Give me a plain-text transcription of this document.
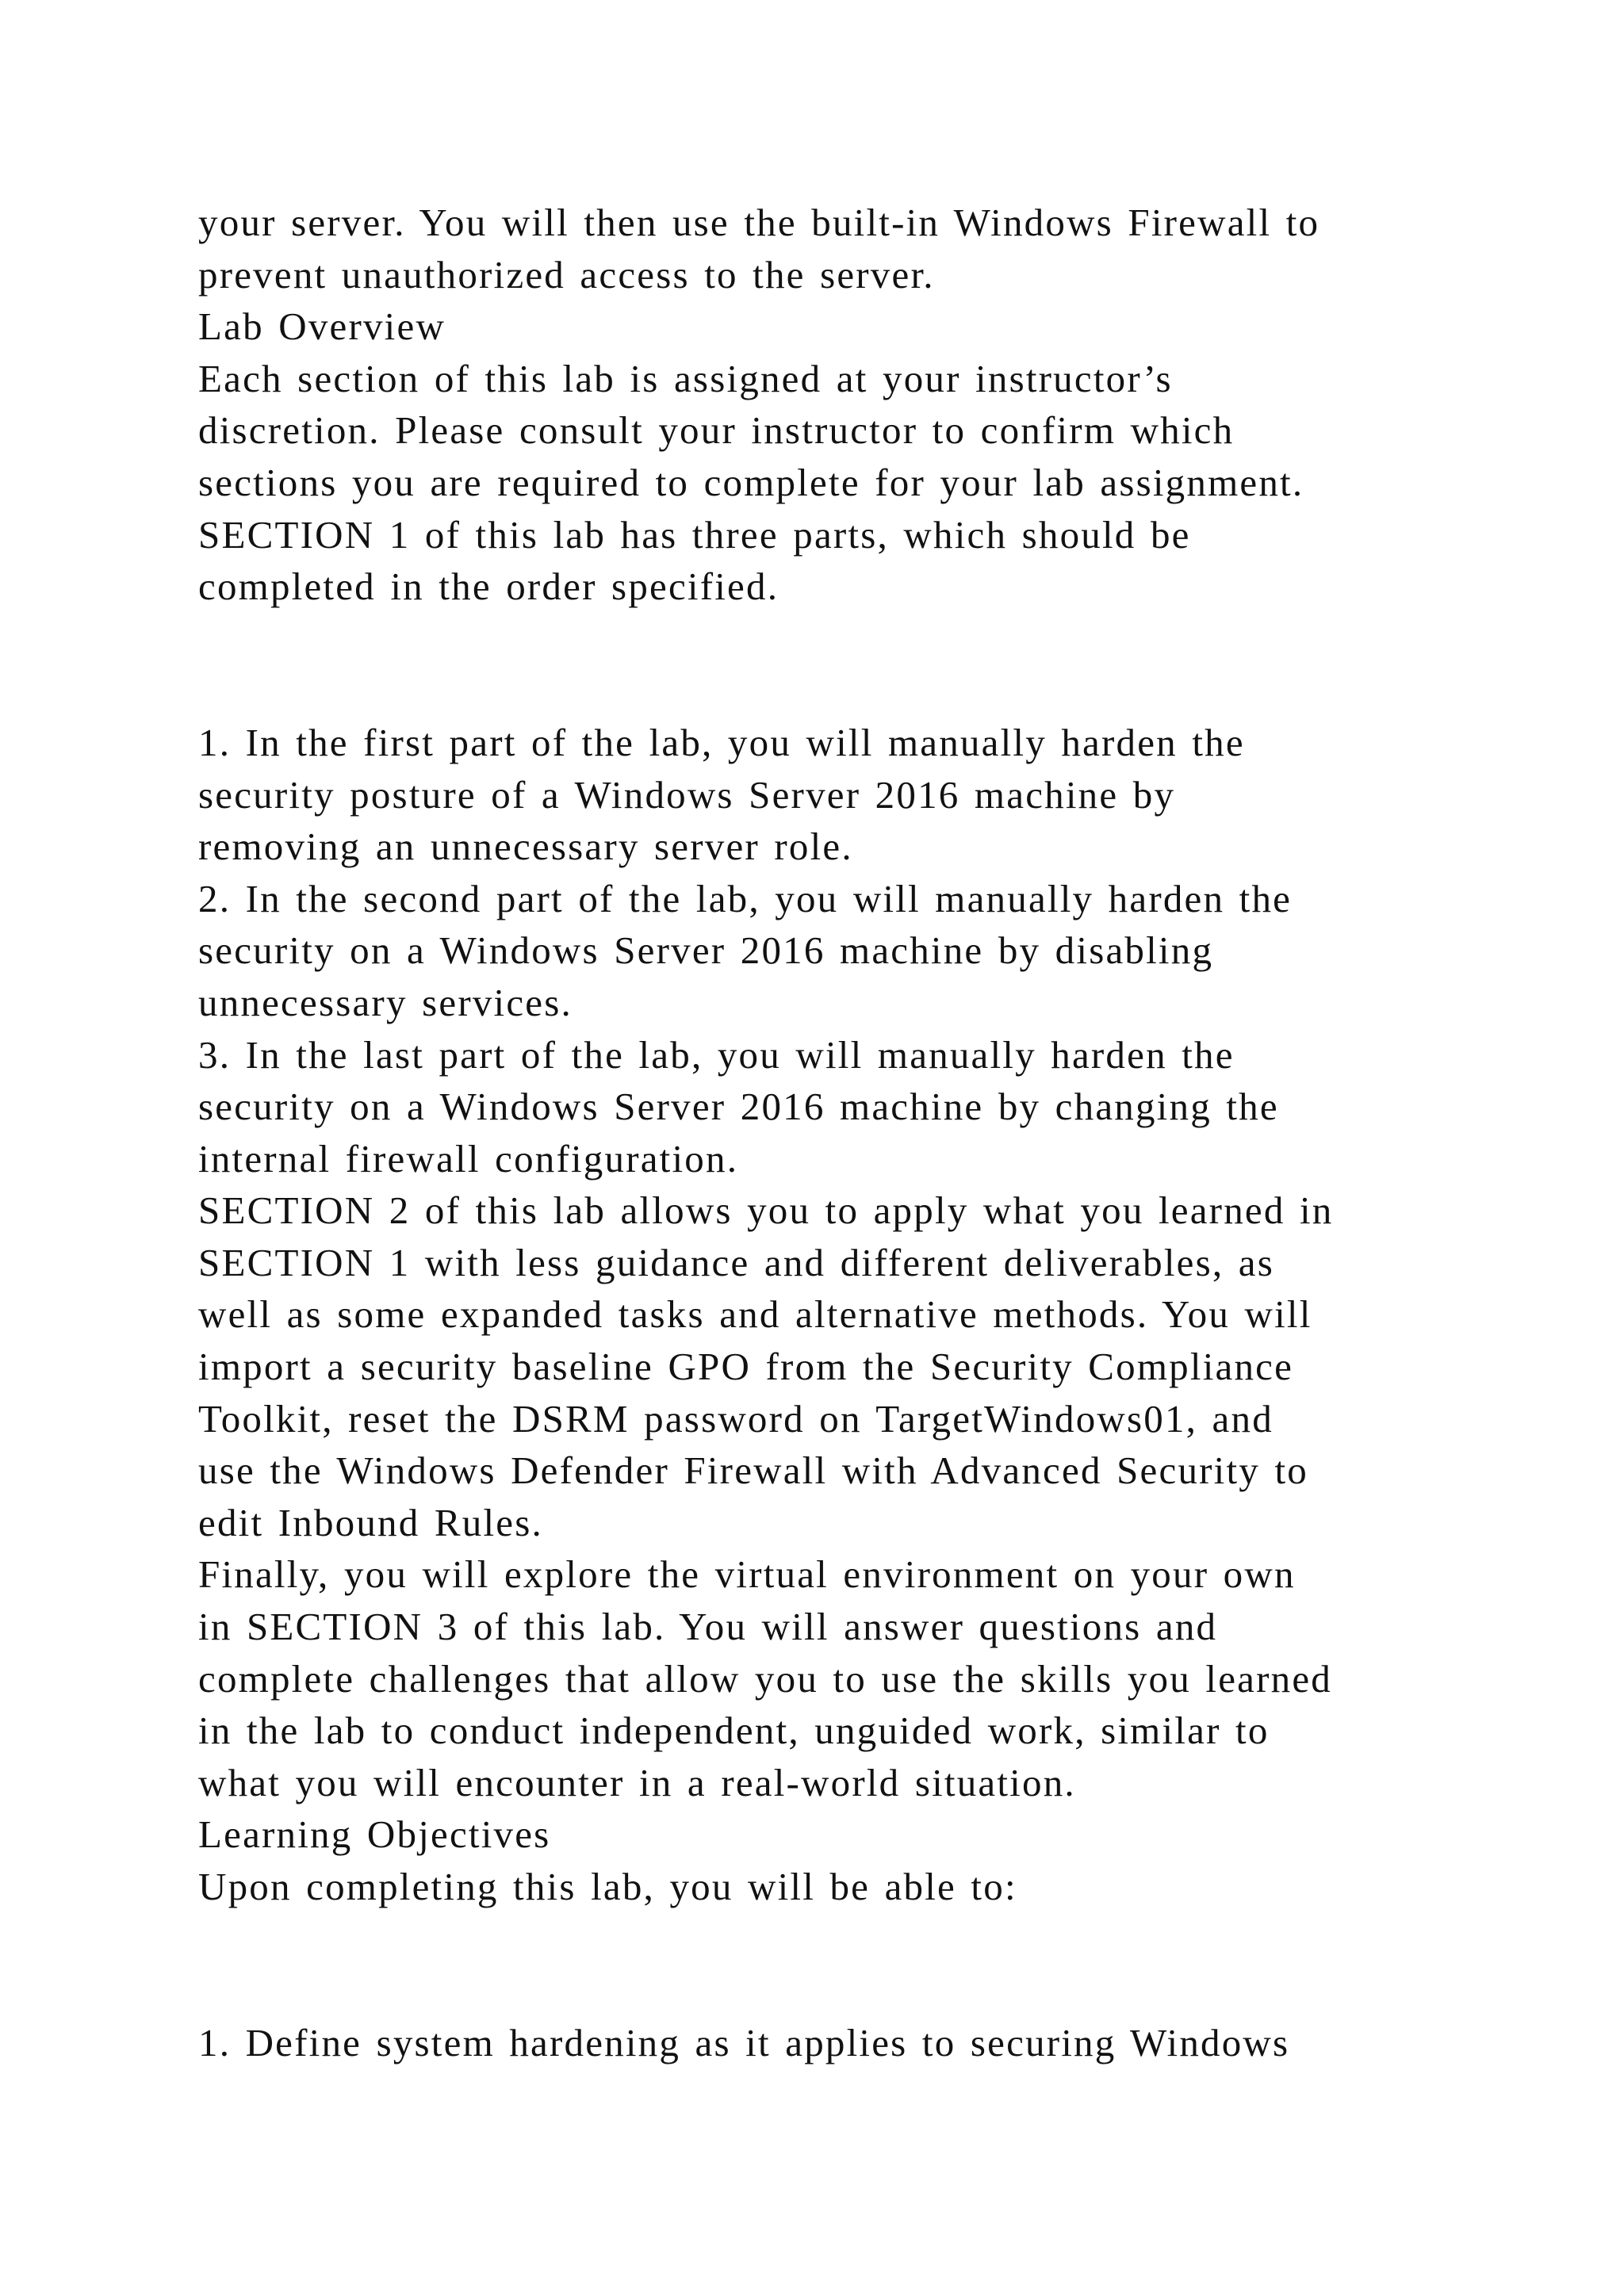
your server. You will then use the built-in Windows Firewall to
prevent unauthorized access to the server.
Lab Overview
Each section of this lab is assigned at your instructor’s
discretion. Please consult your instructor to confirm which
sections you are required to complete for your lab assignment.
SECTION 1 of this lab has three parts, which should be
completed in the order specified.
1. In the first part of the lab, you will manually harden the
security posture of a Windows Server 2016 machine by
removing an unnecessary server role.
2. In the second part of the lab, you will manually harden the
security on a Windows Server 2016 machine by disabling
unnecessary services.
3. In the last part of the lab, you will manually harden the
security on a Windows Server 2016 machine by changing the
internal firewall configuration.
SECTION 2 of this lab allows you to apply what you learned in
SECTION 1 with less guidance and different deliverables, as
well as some expanded tasks and alternative methods. You will
import a security baseline GPO from the Security Compliance
Toolkit, reset the DSRM password on TargetWindows01, and
use the Windows Defender Firewall with Advanced Security to
edit Inbound Rules.
Finally, you will explore the virtual environment on your own
in SECTION 3 of this lab. You will answer questions and
complete challenges that allow you to use the skills you learned
in the lab to conduct independent, unguided work, similar to
what you will encounter in a real-world situation.
Learning Objectives
Upon completing this lab, you will be able to:
1. Define system hardening as it applies to securing Windows
